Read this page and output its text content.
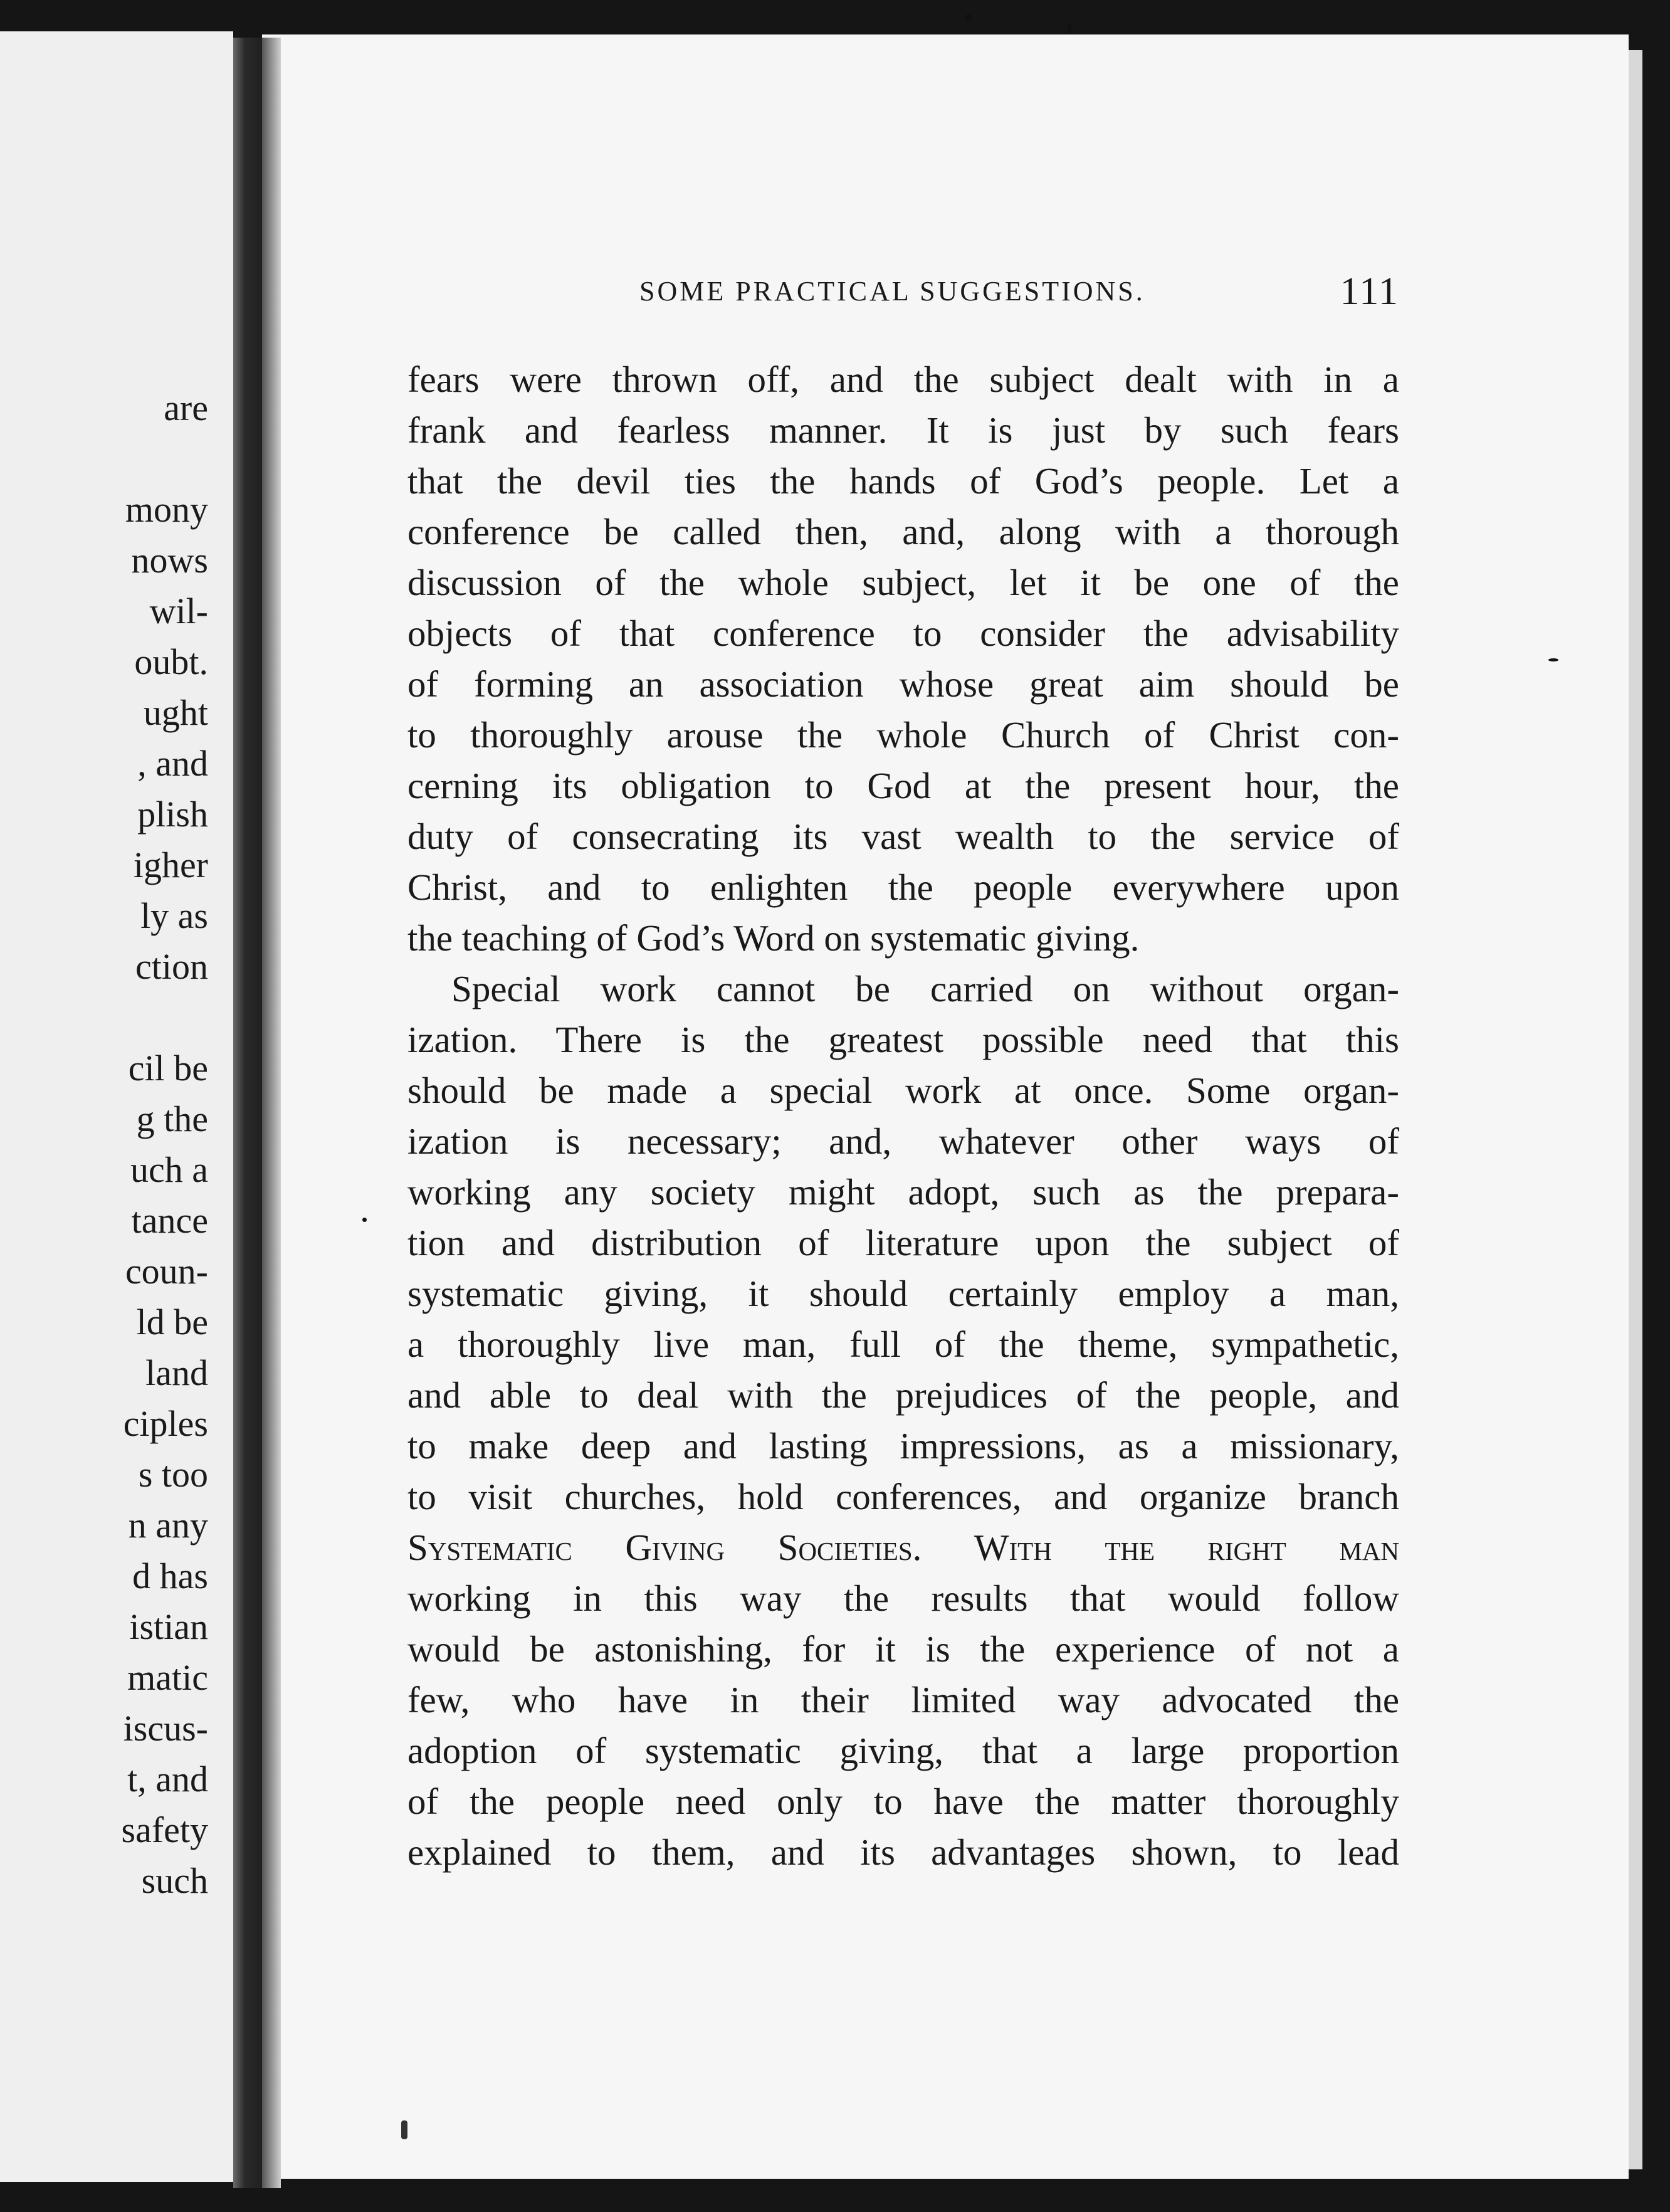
are
mony
nows
wil-
oubt.
ught
, and
plish
igher
ly as
ction
cil be
g the
uch a
tance
coun-
ld be
land
ciples
s too
n any
d has
istian
matic
iscus-
t, and
safety
such
SOME PRACTICAL SUGGESTIONS.	111
fears were thrown off, and the subject dealt with in a
frank and fearless manner. It is just by such fears
that the devil ties the hands of God’s people. Let a
conference be called then, and, along with a thorough
discussion of the whole subject, let it be one of the
objects of that conference to consider the advisability
of forming an association whose great aim should be
to thoroughly arouse the whole Church of Christ con-
cerning its obligation to God at the present hour, the
duty of consecrating its vast wealth to the service of
Christ, and to enlighten the people everywhere upon
the teaching of God’s Word on systematic giving.
Special work cannot be carried on without organ-
ization. There is the greatest possible need that this
should be made a special work at once. Some organ-
ization is necessary; and, whatever other ways of
working any society might adopt, such as the prepara-
tion and distribution of literature upon the subject of
systematic giving, it should certainly employ a man,
a thoroughly live man, full of the theme, sympathetic,
and able to deal with the prejudices of the people, and
to make deep and lasting impressions, as a missionary,
to visit churches, hold conferences, and organize branch
Systematic Giving Societies. With the right man
working in this way the results that would follow
would be astonishing, for it is the experience of not a
few, who have in their limited way advocated the
adoption of systematic giving, that a large proportion
of the people need only to have the matter thoroughly
explained to them, and its advantages shown, to lead
